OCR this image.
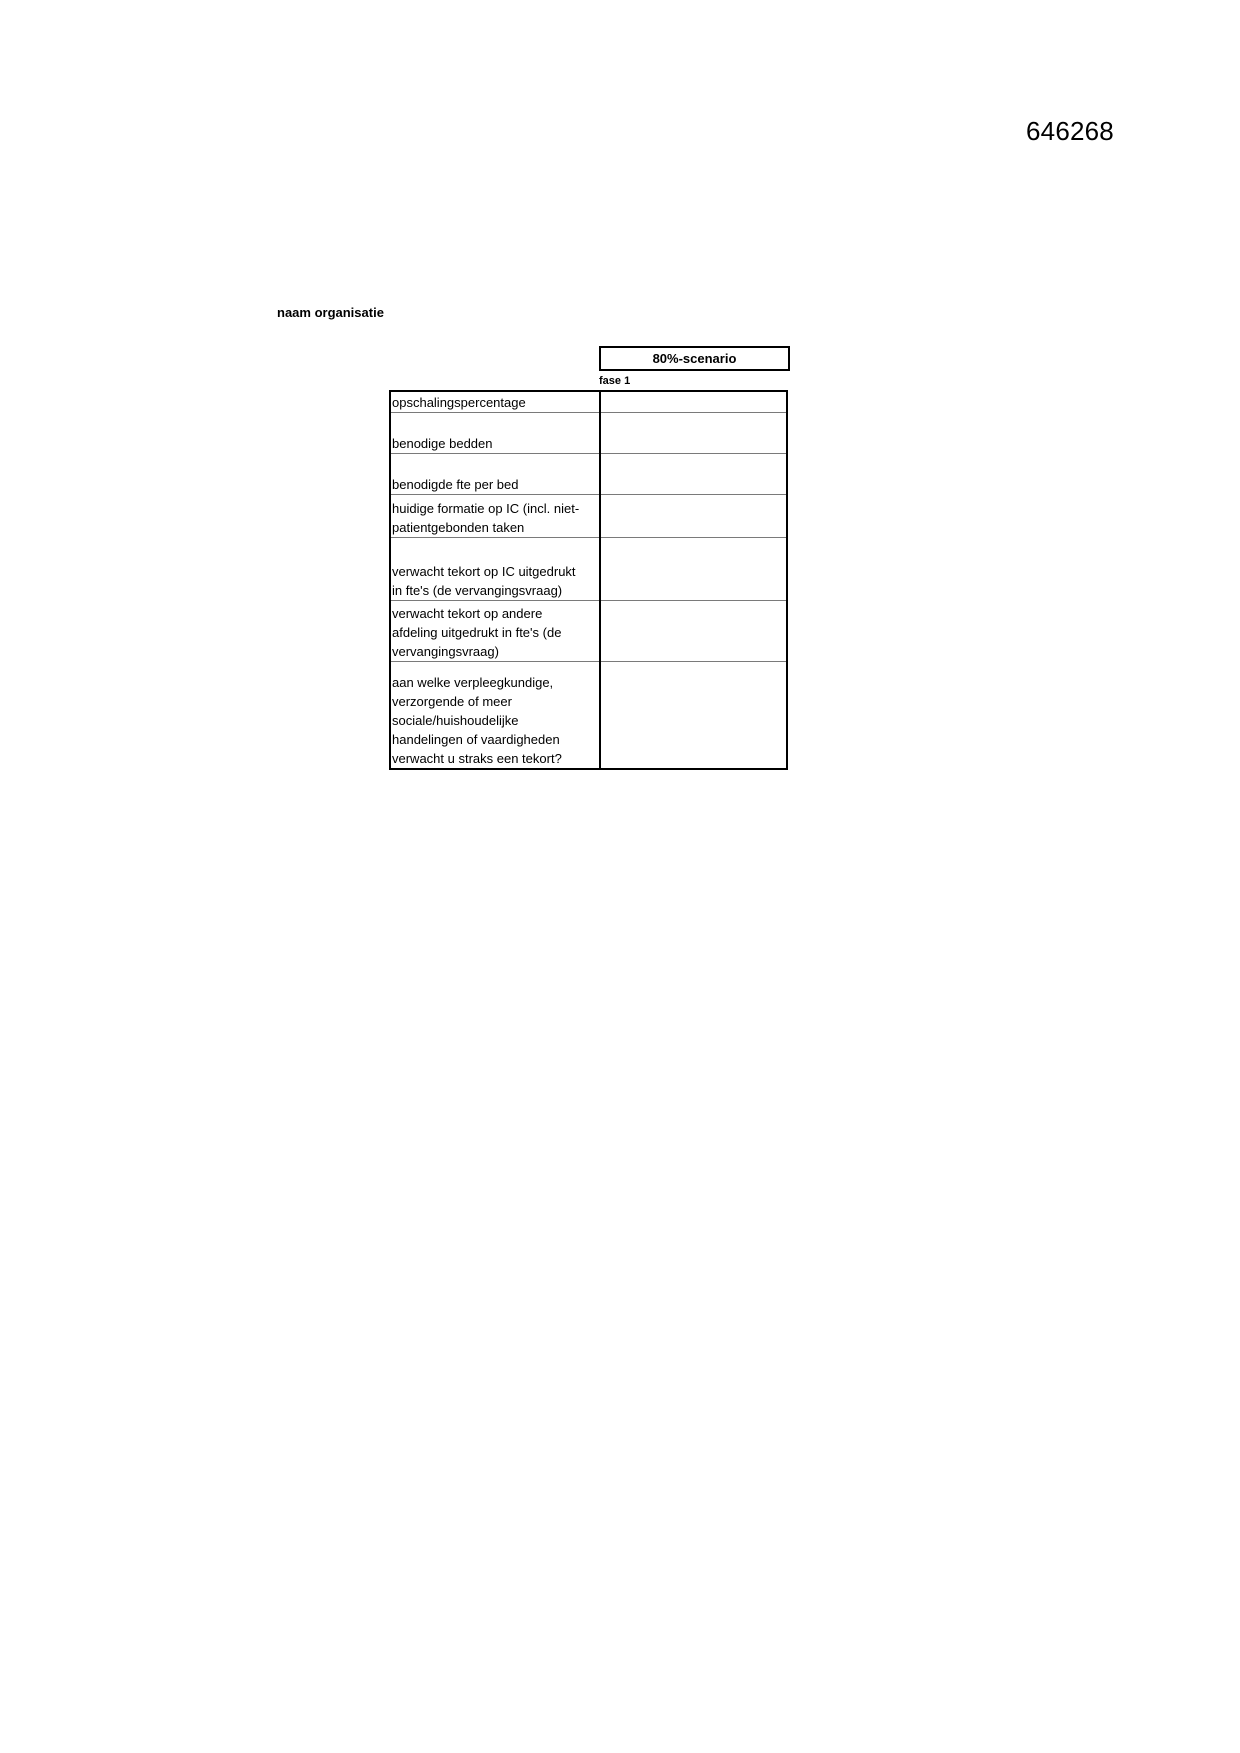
646268
naam organisatie
80%-scenario
fase 1
opschalingspercentage	
benodige bedden	
benodigde fte per bed	
huidige formatie op IC (incl. niet-
patientgebonden taken	
verwacht tekort op IC uitgedrukt
in fte's (de vervangingsvraag)	
verwacht tekort op andere
afdeling uitgedrukt in fte's (de
vervangingsvraag)	
aan welke verpleegkundige,
verzorgende of meer
sociale/huishoudelijke
handelingen of vaardigheden
verwacht u straks een tekort?	
